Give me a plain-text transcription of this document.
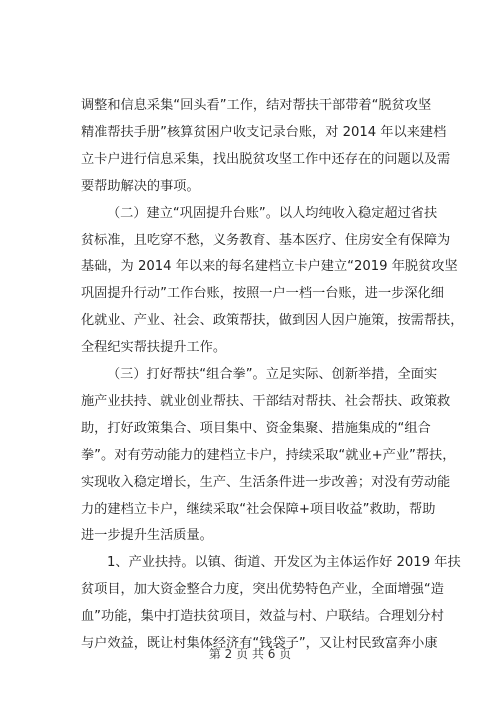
调整和信息采集“回头看”工作，结对帮扶干部带着“脱贫攻坚
精准帮扶手册”核算贫困户收支记录台账，对 2014 年以来建档
立卡户进行信息采集，找出脱贫攻坚工作中还存在的问题以及需
要帮助解决的事项。
（二）建立“巩固提升台账”。以人均纯收入稳定超过省扶
贫标准，且吃穿不愁，义务教育、基本医疗、住房安全有保障为
基础，为 2014 年以来的每名建档立卡户建立“2019 年脱贫攻坚
巩固提升行动”工作台账，按照一户一档一台账，进一步深化细
化就业、产业、社会、政策帮扶，做到因人因户施策，按需帮扶，
全程纪实帮扶提升工作。
（三）打好帮扶“组合拳”。立足实际、创新举措，全面实
施产业扶持、就业创业帮扶、干部结对帮扶、社会帮扶、政策救
助，打好政策集合、项目集中、资金集聚、措施集成的“组合
拳”。对有劳动能力的建档立卡户，持续采取“就业+产业”帮扶，
实现收入稳定增长，生产、生活条件进一步改善；对没有劳动能
力的建档立卡户，继续采取“社会保障+项目收益”救助，帮助
进一步提升生活质量。
1、产业扶持。以镇、街道、开发区为主体运作好 2019 年扶
贫项目，加大资金整合力度，突出优势特色产业，全面增强“造
血”功能，集中打造扶贫项目，效益与村、户联结。合理划分村
与户效益，既让村集体经济有“钱袋子”，又让村民致富奔小康
第 2 页 共 6 页
